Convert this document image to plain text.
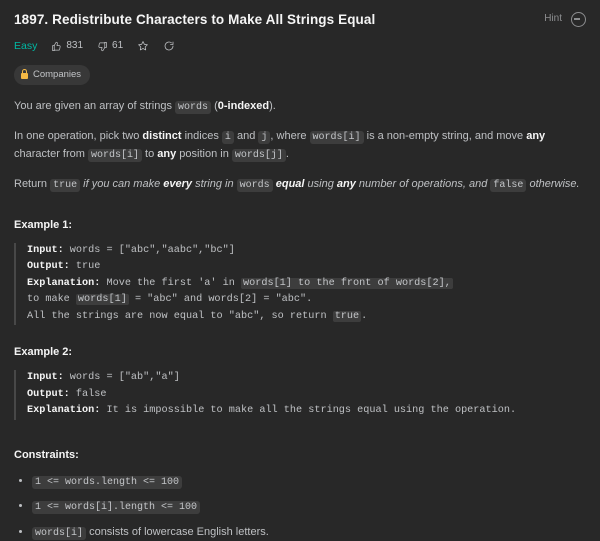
1897. Redistribute Characters to Make All Strings Equal	Hint
Easy	831	61
Companies

You are given an array of strings words (0-indexed).

In one operation, pick two distinct indices i and j , where words[i] is a non-empty string, and move any character from words[i] to any position in words[j] .

Return true if you can make every string in words equal using any number of operations, and false otherwise.

Example 1:
Input: words = ["abc","aabc","bc"]
Output: true
Explanation: Move the first 'a' in words[1] to the front of words[2],
to make words[1] = "abc" and words[2] = "abc".
All the strings are now equal to "abc", so return true .
Example 2:
Input: words = ["ab","a"]
Output: false
Explanation: It is impossible to make all the strings equal using the operation.
Constraints:
• 1 <= words.length <= 100
• 1 <= words[i].length <= 100
• words[i] consists of lowercase English letters.
